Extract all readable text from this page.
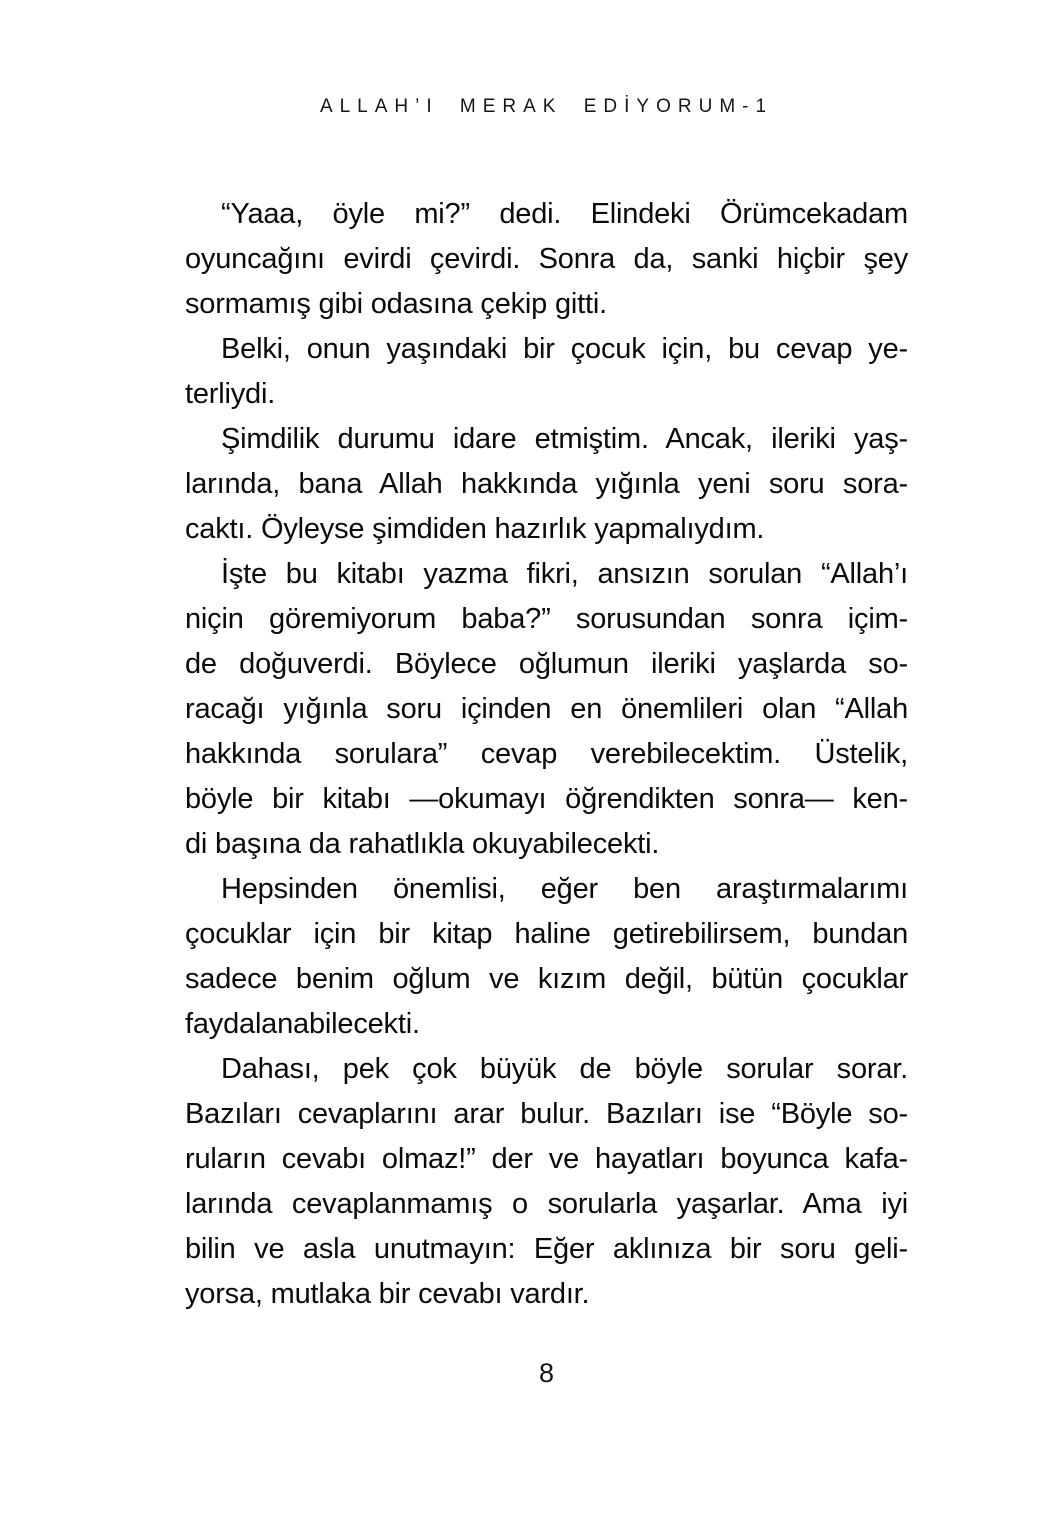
ALLAH’I MERAK EDİYORUM-1
“Yaaa, öyle mi?” dedi. Elindeki Örümcekadam
oyuncağını evirdi çevirdi. Sonra da, sanki hiçbir şey
sormamış gibi odasına çekip gitti.
Belki, onun yaşındaki bir çocuk için, bu cevap ye-
terliydi.
Şimdilik durumu idare etmiştim. Ancak, ileriki yaş-
larında, bana Allah hakkında yığınla yeni soru sora-
caktı. Öyleyse şimdiden hazırlık yapmalıydım.
İşte bu kitabı yazma fikri, ansızın sorulan “Allah’ı
niçin göremiyorum baba?” sorusundan sonra içim-
de doğuverdi. Böylece oğlumun ileriki yaşlarda so-
racağı yığınla soru içinden en önemlileri olan “Allah
hakkında sorulara” cevap verebilecektim. Üstelik,
böyle bir kitabı —okumayı öğrendikten sonra— ken-
di başına da rahatlıkla okuyabilecekti.
Hepsinden önemlisi, eğer ben araştırmalarımı
çocuklar için bir kitap haline getirebilirsem, bundan
sadece benim oğlum ve kızım değil, bütün çocuklar
faydalanabilecekti.
Dahası, pek çok büyük de böyle sorular sorar.
Bazıları cevaplarını arar bulur. Bazıları ise “Böyle so-
ruların cevabı olmaz!” der ve hayatları boyunca kafa-
larında cevaplanmamış o sorularla yaşarlar. Ama iyi
bilin ve asla unutmayın: Eğer aklınıza bir soru geli-
yorsa, mutlaka bir cevabı vardır.
8
